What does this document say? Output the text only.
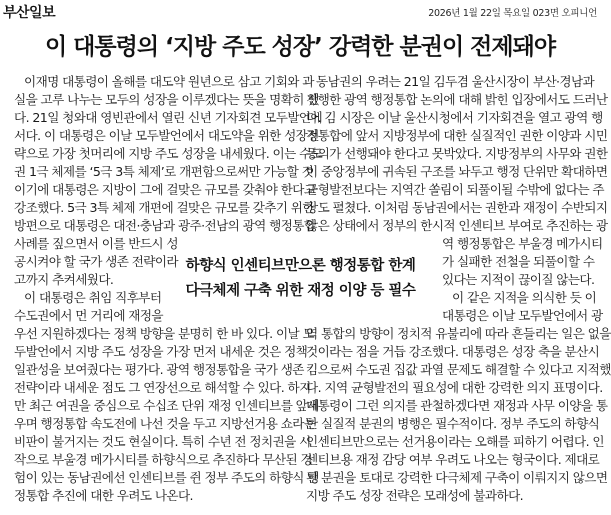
부산일보	2026년 1월 22일 목요일 023면 오피니언
이 대통령의 ‘지방 주도 성장’ 강력한 분권이 전제돼야
이재명 대통령이 올해를 대도약 원년으로 삼고 기회와 과
실을 고루 나누는 모두의 성장을 이루겠다는 뜻을 명확히 했
다. 21일 청와대 영빈관에서 열린 신년 기자회견 모두발언에
서다. 이 대통령은 이날 모두발언에서 대도약을 위한 성장전
략으로 가장 첫머리에 지방 주도 성장을 내세웠다. 이는 수도
권 1극 체제를 ‘5극 3특 체제’로 개편함으로써만 가능할 것
이기에 대통령은 지방이 그에 걸맞은 규모를 갖춰야 한다고
강조했다. 5극 3특 체제 개편에 걸맞은 규모를 갖추기 위한
방편으로 대통령은 대전·충남과 광주·전남의 광역 행정통합
사례를 짚으면서 이를 반드시 성
공시켜야 할 국가 생존 전략이라
고까지 추켜세웠다.
이 대통령은 취임 직후부터
수도권에서 먼 거리에 재정을
우선 지원하겠다는 정책 방향을 분명히 한 바 있다. 이날 모
두발언에서 지방 주도 성장을 가장 먼저 내세운 것은 정책
일관성을 보여줬다는 평가다. 광역 행정통합을 국가 생존
전략이라 내세운 점도 그 연장선으로 해석할 수 있다. 하지
만 최근 여권을 중심으로 수십조 단위 재정 인센티브를 앞세
우며 행정통합 속도전에 나선 것을 두고 지방선거용 쇼라는
비판이 불거지는 것도 현실이다. 특히 수년 전 정치권을 시
작으로 부울경 메가시티를 하향식으로 추진하다 무산된 경
험이 있는 동남권에선 인센티브를 쥔 정부 주도의 하향식 행
정통합 추진에 대한 우려도 나온다.
동남권의 우려는 21일 김두겸 울산시장이 부산·경남과
진행한 광역 행정통합 논의에 대해 밝힌 입장에서도 드러난
다. 김 시장은 이날 울산시청에서 기자회견을 열고 광역 행
정통합에 앞서 지방정부에 대한 실질적인 권한 이양과 시민
동의가 선행돼야 한다고 못박았다. 지방정부의 사무와 권한
이 중앙정부에 귀속된 구조를 놔두고 행정 단위만 확대하면
균형발전보다는 지역간 쏠림이 되풀이될 수밖에 없다는 주
장도 펼쳤다. 이처럼 동남권에서는 권한과 재정이 수반되지
않은 상태에서 정부의 한시적 인센티브 부여로 추진하는 광
역 행정통합은 부울경 메가시티
가 실패한 전철을 되풀이할 수
있다는 지적이 끊이질 않는다.
이 같은 지적을 의식한 듯 이
대통령은 이날 모두발언에서 광
역 통합의 방향이 정치적 유불리에 따라 흔들리는 일은 없을
것이라는 점을 거듭 강조했다. 대통령은 성장 축을 분산시
킴으로써 수도권 집값 과열 문제도 해결할 수 있다고 지적했
다. 지역 균형발전의 필요성에 대한 강력한 의지 표명이다.
대통령이 그런 의지를 관철하겠다면 재정과 사무 이양을 통
한 실질적 분권의 병행은 필수적이다. 정부 주도의 하향식
인센티브만으로는 선거용이라는 오해를 피하기 어렵다. 인
센티브용 재정 감당 여부 우려도 나오는 형국이다. 제대로
된 분권을 토대로 강력한 다극체제 구축이 이뤄지지 않으면
지방 주도 성장 전략은 모래성에 불과하다.
하향식 인센티브만으론 행정통합 한계
다극체제 구축 위한 재정 이양 등 필수
